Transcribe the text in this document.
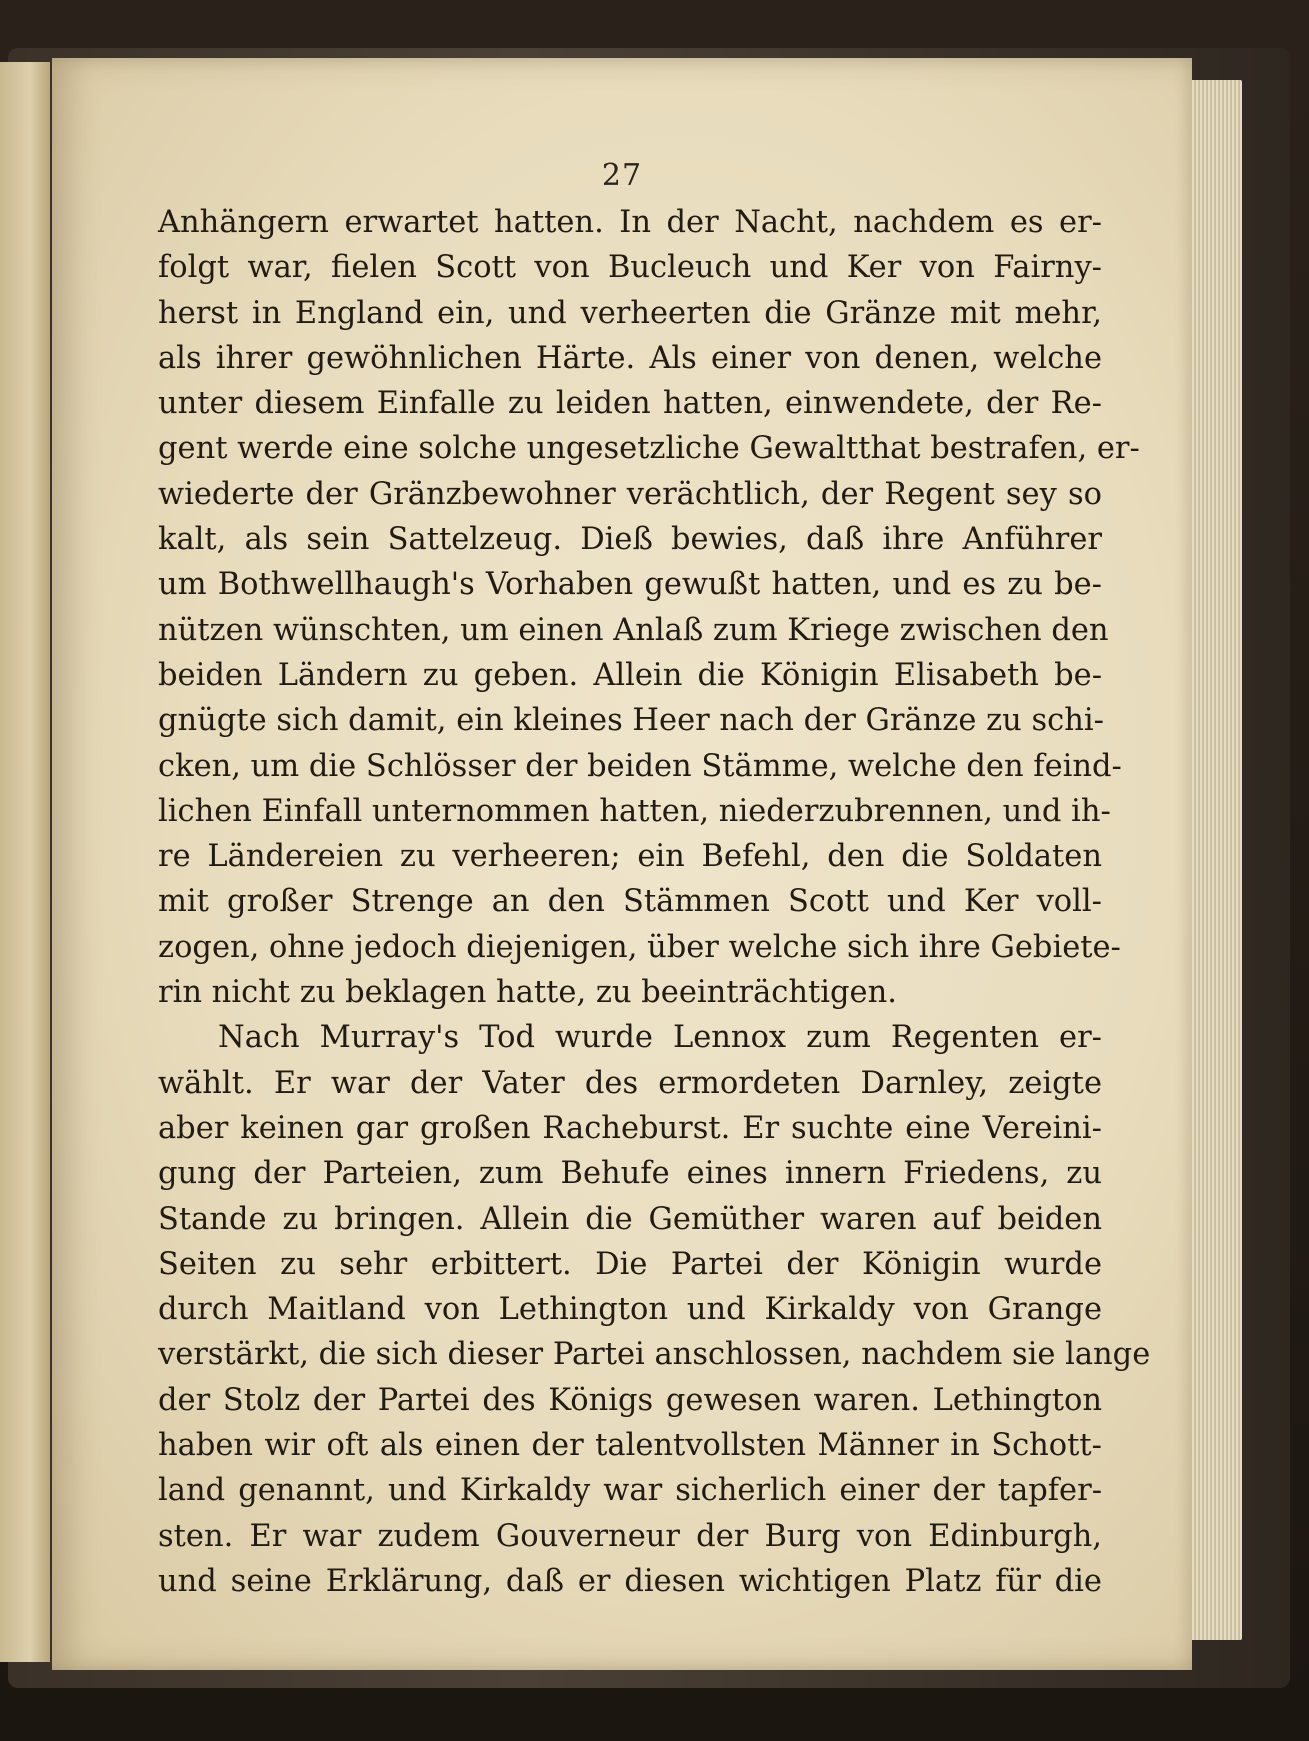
27
Anhängern erwartet hatten. In der Nacht, nachdem es er-
folgt war, fielen Scott von Bucleuch und Ker von Fairny-
herst in England ein, und verheerten die Gränze mit mehr,
als ihrer gewöhnlichen Härte. Als einer von denen, welche
unter diesem Einfalle zu leiden hatten, einwendete, der Re-
gent werde eine solche ungesetzliche Gewaltthat bestrafen, er-
wiederte der Gränzbewohner verächtlich, der Regent sey so
kalt, als sein Sattelzeug. Dieß bewies, daß ihre Anführer
um Bothwellhaugh's Vorhaben gewußt hatten, und es zu be-
nützen wünschten, um einen Anlaß zum Kriege zwischen den
beiden Ländern zu geben. Allein die Königin Elisabeth be-
gnügte sich damit, ein kleines Heer nach der Gränze zu schi-
cken, um die Schlösser der beiden Stämme, welche den feind-
lichen Einfall unternommen hatten, niederzubrennen, und ih-
re Ländereien zu verheeren; ein Befehl, den die Soldaten
mit großer Strenge an den Stämmen Scott und Ker voll-
zogen, ohne jedoch diejenigen, über welche sich ihre Gebiete-
rin nicht zu beklagen hatte, zu beeinträchtigen.
Nach Murray's Tod wurde Lennox zum Regenten er-
wählt. Er war der Vater des ermordeten Darnley, zeigte
aber keinen gar großen Racheburst. Er suchte eine Vereini-
gung der Parteien, zum Behufe eines innern Friedens, zu
Stande zu bringen. Allein die Gemüther waren auf beiden
Seiten zu sehr erbittert. Die Partei der Königin wurde
durch Maitland von Lethington und Kirkaldy von Grange
verstärkt, die sich dieser Partei anschlossen, nachdem sie lange
der Stolz der Partei des Königs gewesen waren. Lethington
haben wir oft als einen der talentvollsten Männer in Schott-
land genannt, und Kirkaldy war sicherlich einer der tapfer-
sten. Er war zudem Gouverneur der Burg von Edinburgh,
und seine Erklärung, daß er diesen wichtigen Platz für die
